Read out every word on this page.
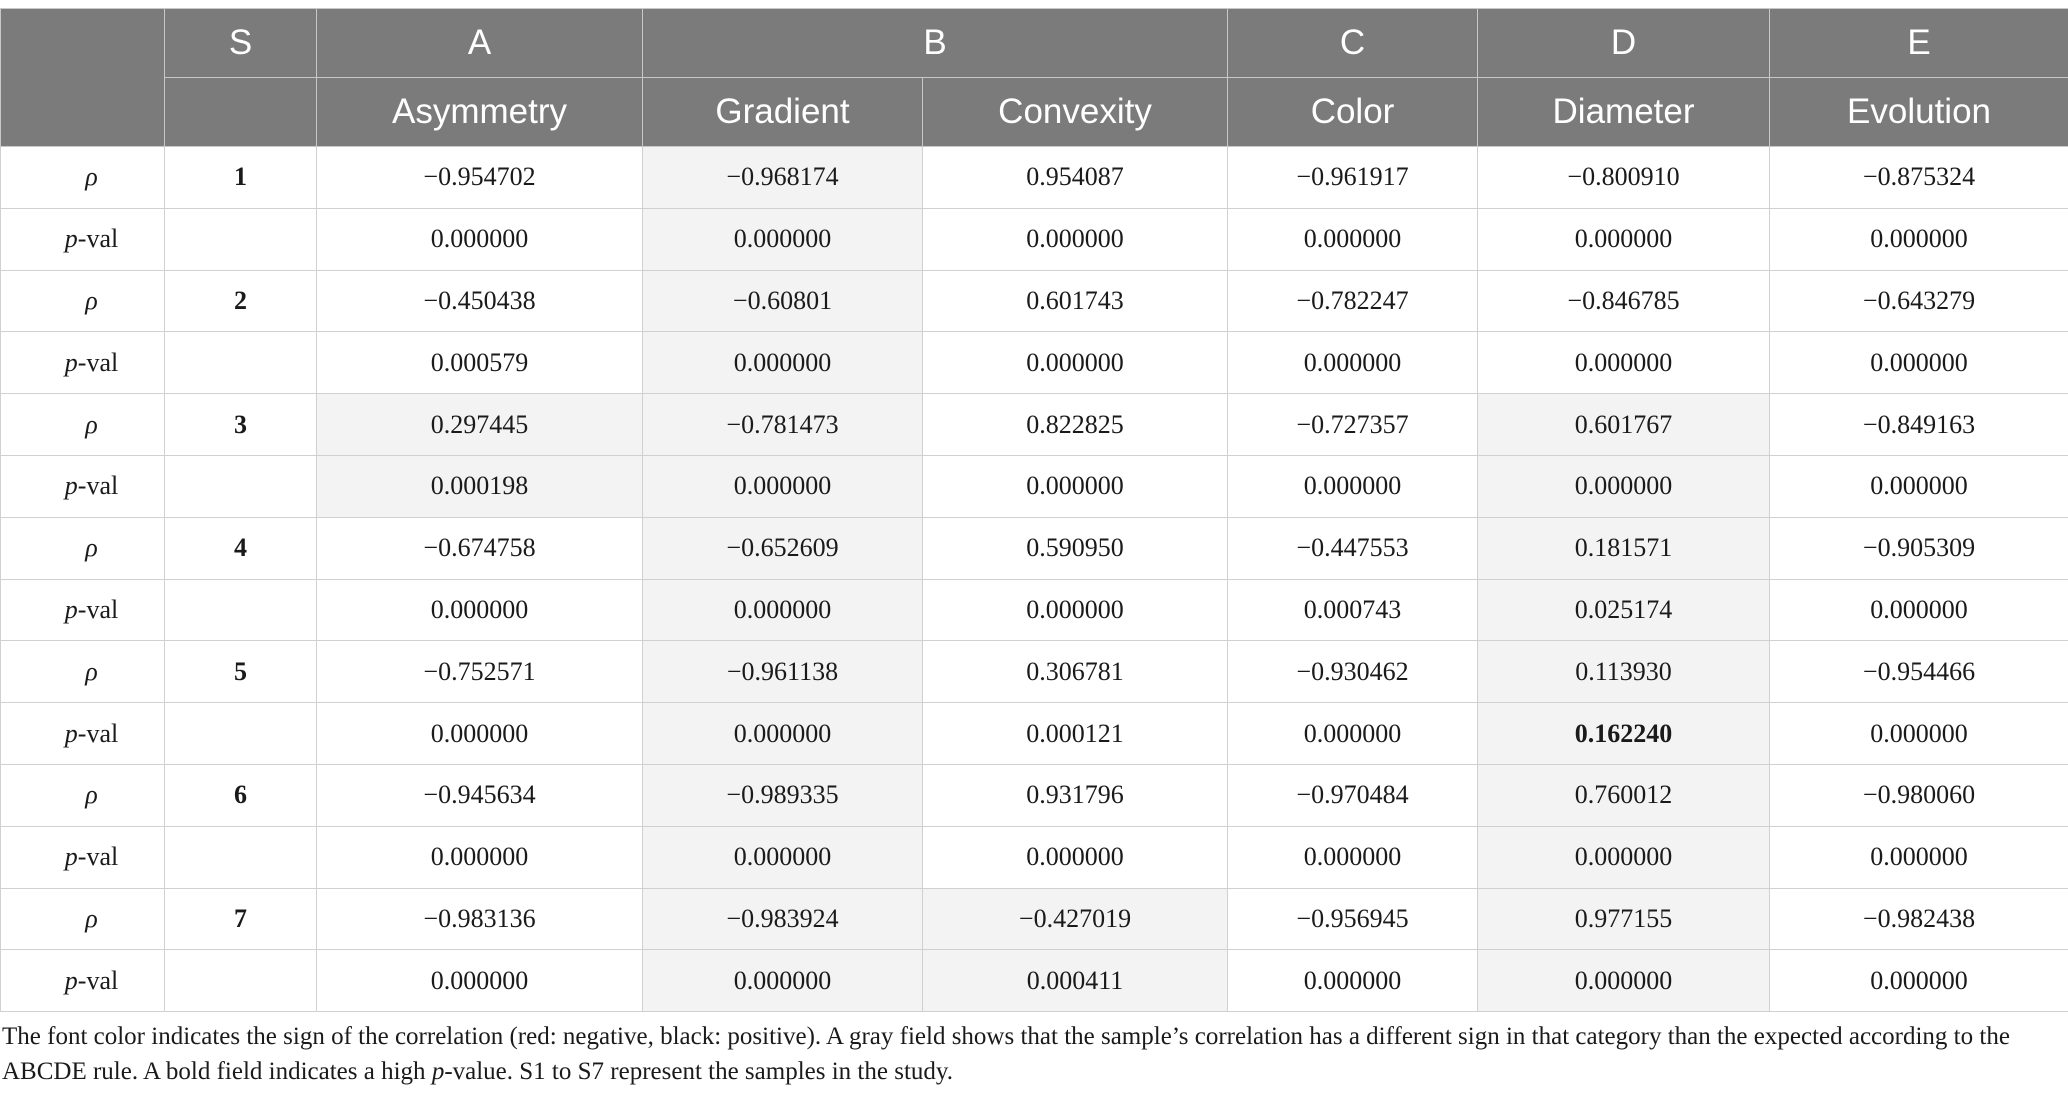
	S	A	B		C	D	E
		Asymmetry	Gradient	Convexity	Color	Diameter	Evolution
ρ	1	−0.954702	−0.968174	0.954087	−0.961917	−0.800910	−0.875324
p-val		0.000000	0.000000	0.000000	0.000000	0.000000	0.000000
ρ	2	−0.450438	−0.60801	0.601743	−0.782247	−0.846785	−0.643279
p-val		0.000579	0.000000	0.000000	0.000000	0.000000	0.000000
ρ	3	0.297445	−0.781473	0.822825	−0.727357	0.601767	−0.849163
p-val		0.000198	0.000000	0.000000	0.000000	0.000000	0.000000
ρ	4	−0.674758	−0.652609	0.590950	−0.447553	0.181571	−0.905309
p-val		0.000000	0.000000	0.000000	0.000743	0.025174	0.000000
ρ	5	−0.752571	−0.961138	0.306781	−0.930462	0.113930	−0.954466
p-val		0.000000	0.000000	0.000121	0.000000	0.162240	0.000000
ρ	6	−0.945634	−0.989335	0.931796	−0.970484	0.760012	−0.980060
p-val		0.000000	0.000000	0.000000	0.000000	0.000000	0.000000
ρ	7	−0.983136	−0.983924	−0.427019	−0.956945	0.977155	−0.982438
p-val		0.000000	0.000000	0.000411	0.000000	0.000000	0.000000
The font color indicates the sign of the correlation (red: negative, black: positive). A gray field shows that the sample’s correlation has a different sign in that category than the expected according to the ABCDE rule. A bold field indicates a high p-value. S1 to S7 represent the samples in the study.
